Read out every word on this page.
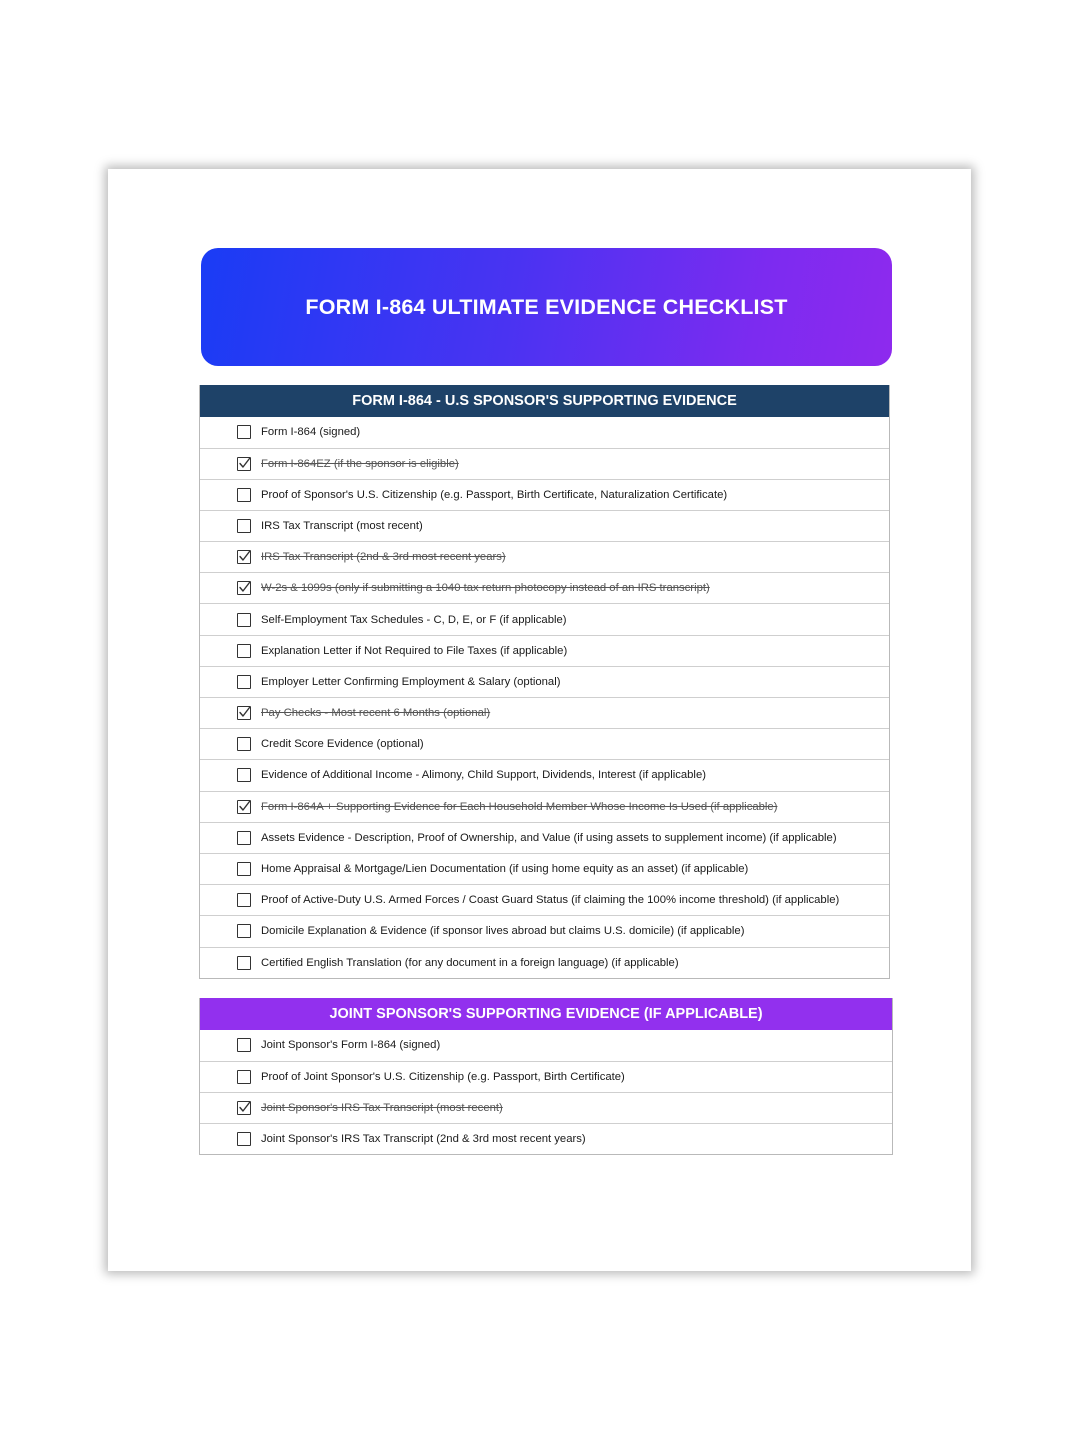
FORM I-864 ULTIMATE EVIDENCE CHECKLIST
FORM I-864 - U.S SPONSOR'S SUPPORTING EVIDENCE
Form I-864 (signed)
Form I-864EZ (if the sponsor is eligible)
Proof of Sponsor's U.S. Citizenship (e.g. Passport, Birth Certificate, Naturalization Certificate)
IRS Tax Transcript (most recent)
IRS Tax Transcript (2nd & 3rd most recent years)
W-2s & 1099s (only if submitting a 1040 tax return photocopy instead of an IRS transcript)
Self-Employment Tax Schedules - C, D, E, or F (if applicable)
Explanation Letter if Not Required to File Taxes (if applicable)
Employer Letter Confirming Employment & Salary (optional)
Pay Checks - Most recent 6 Months (optional)
Credit Score Evidence (optional)
Evidence of Additional Income - Alimony, Child Support, Dividends, Interest (if applicable)
Form I-864A + Supporting Evidence for Each Household Member Whose Income Is Used (if applicable)
Assets Evidence - Description, Proof of Ownership, and Value (if using assets to supplement income) (if applicable)
Home Appraisal & Mortgage/Lien Documentation (if using home equity as an asset) (if applicable)
Proof of Active-Duty U.S. Armed Forces / Coast Guard Status (if claiming the 100% income threshold) (if applicable)
Domicile Explanation & Evidence (if sponsor lives abroad but claims U.S. domicile) (if applicable)
Certified English Translation (for any document in a foreign language) (if applicable)
JOINT SPONSOR'S SUPPORTING EVIDENCE (IF APPLICABLE)
Joint Sponsor's Form I-864 (signed)
Proof of Joint Sponsor's U.S. Citizenship (e.g. Passport, Birth Certificate)
Joint Sponsor's IRS Tax Transcript (most recent)
Joint Sponsor's IRS Tax Transcript (2nd & 3rd most recent years)
